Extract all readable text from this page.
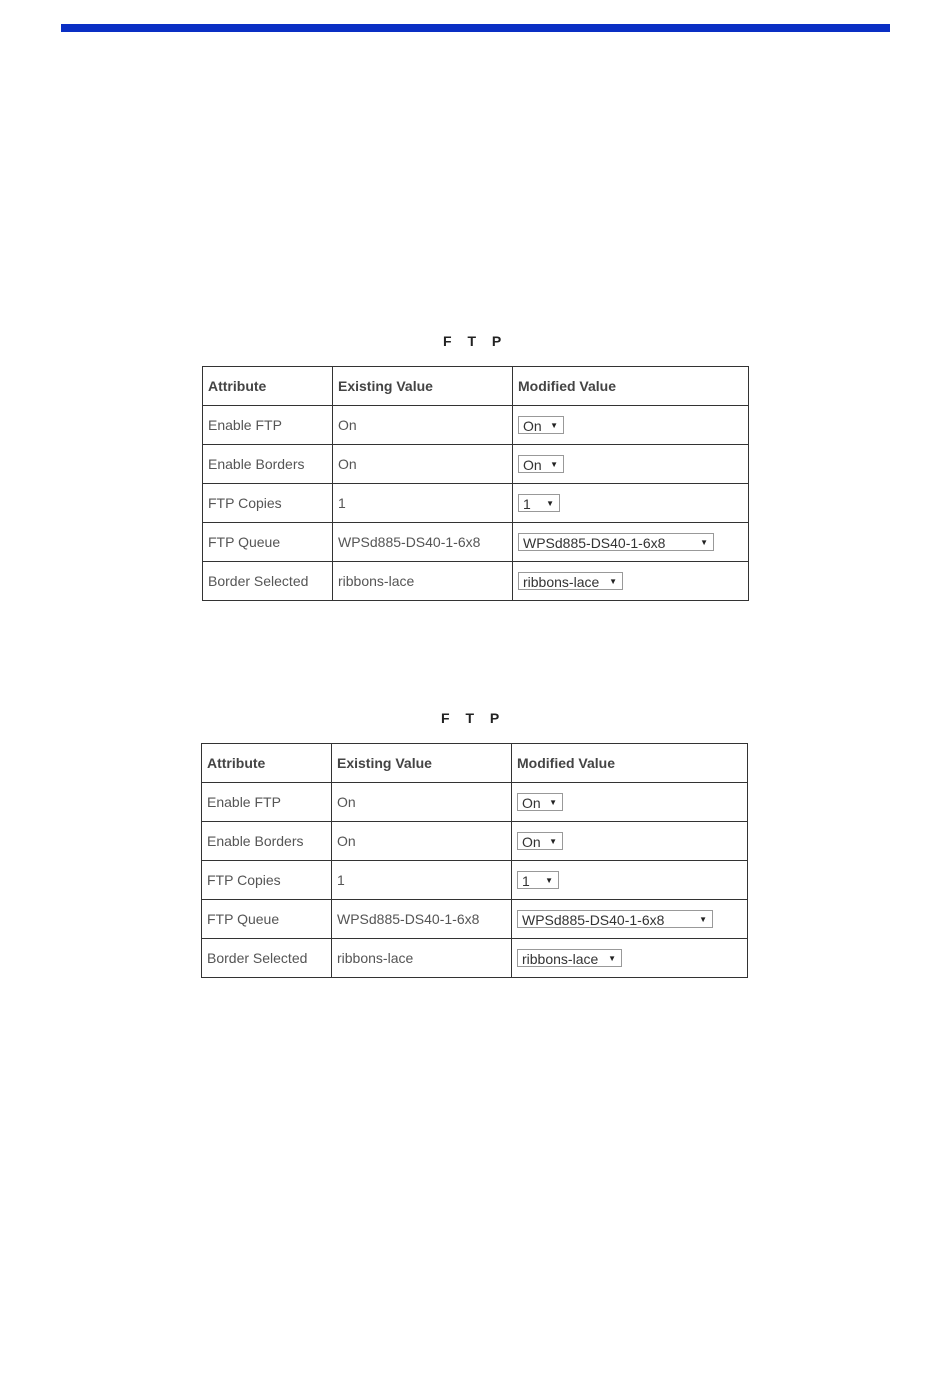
F T P
Attribute	Existing Value	Modified Value
Enable FTP	On	On ▼

Enable Borders	On	On ▼

FTP Copies	1	1 ▼

FTP Queue	WPSd885-DS40-1-6x8	WPSd885-DS40-1-6x8 ▼

Border Selected	ribbons-lace	ribbons-lace ▼
F T P
Attribute	Existing Value	Modified Value
Enable FTP	On	On ▼

Enable Borders	On	On ▼

FTP Copies	1	1 ▼

FTP Queue	WPSd885-DS40-1-6x8	WPSd885-DS40-1-6x8 ▼

Border Selected	ribbons-lace	ribbons-lace ▼
